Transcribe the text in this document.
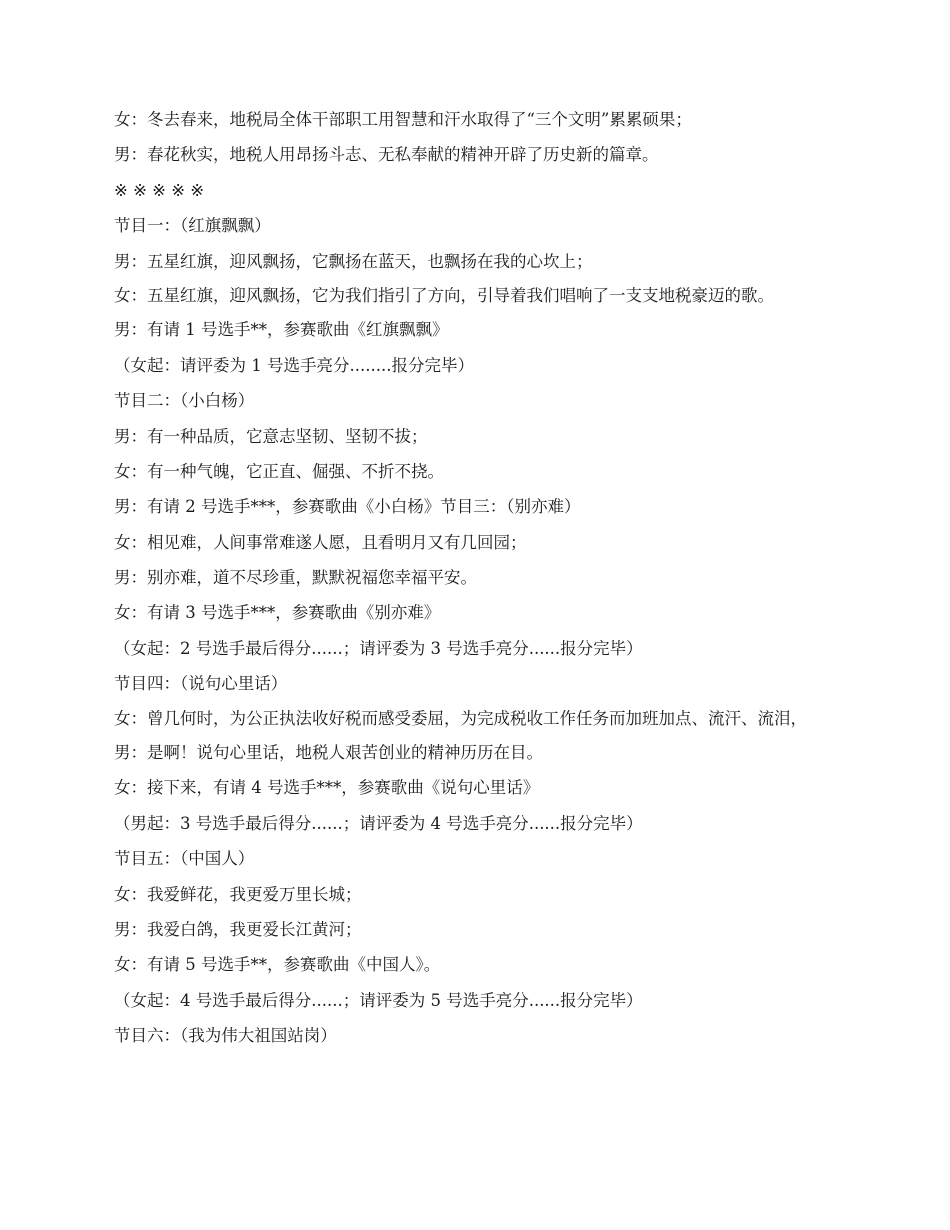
女：冬去春来，地税局全体干部职工用智慧和汗水取得了“三个文明”累累硕果；

男：春花秋实，地税人用昂扬斗志、无私奉献的精神开辟了历史新的篇章。

※ ※ ※ ※ ※

节目一：（红旗飘飘）

男：五星红旗，迎风飘扬，它飘扬在蓝天，也飘扬在我的心坎上；

女：五星红旗，迎风飘扬，它为我们指引了方向，引导着我们唱响了一支支地税豪迈的歌。

男：有请 1 号选手**，参赛歌曲《红旗飘飘》

（女起：请评委为 1 号选手亮分........报分完毕）

节目二：（小白杨）

男：有一种品质，它意志坚韧、坚韧不拔；

女：有一种气魄，它正直、倔强、不折不挠。

男：有请 2 号选手***，参赛歌曲《小白杨》节目三：（别亦难）

女：相见难，人间事常难遂人愿，且看明月又有几回园；

男：别亦难，道不尽珍重，默默祝福您幸福平安。

女：有请 3 号选手***，参赛歌曲《别亦难》

（女起：2 号选手最后得分......；请评委为 3 号选手亮分......报分完毕）

节目四：（说句心里话）

女：曾几何时，为公正执法收好税而感受委屈，为完成税收工作任务而加班加点、流汗、流泪，

男：是啊！说句心里话，地税人艰苦创业的精神历历在目。

女：接下来，有请 4 号选手***，参赛歌曲《说句心里话》

（男起：3 号选手最后得分......；请评委为 4 号选手亮分......报分完毕）

节目五：（中国人）

女：我爱鲜花，我更爱万里长城；

男：我爱白鸽，我更爱长江黄河；

女：有请 5 号选手**，参赛歌曲《中国人》。

（女起：4 号选手最后得分......；请评委为 5 号选手亮分......报分完毕）

节目六：（我为伟大祖国站岗）
